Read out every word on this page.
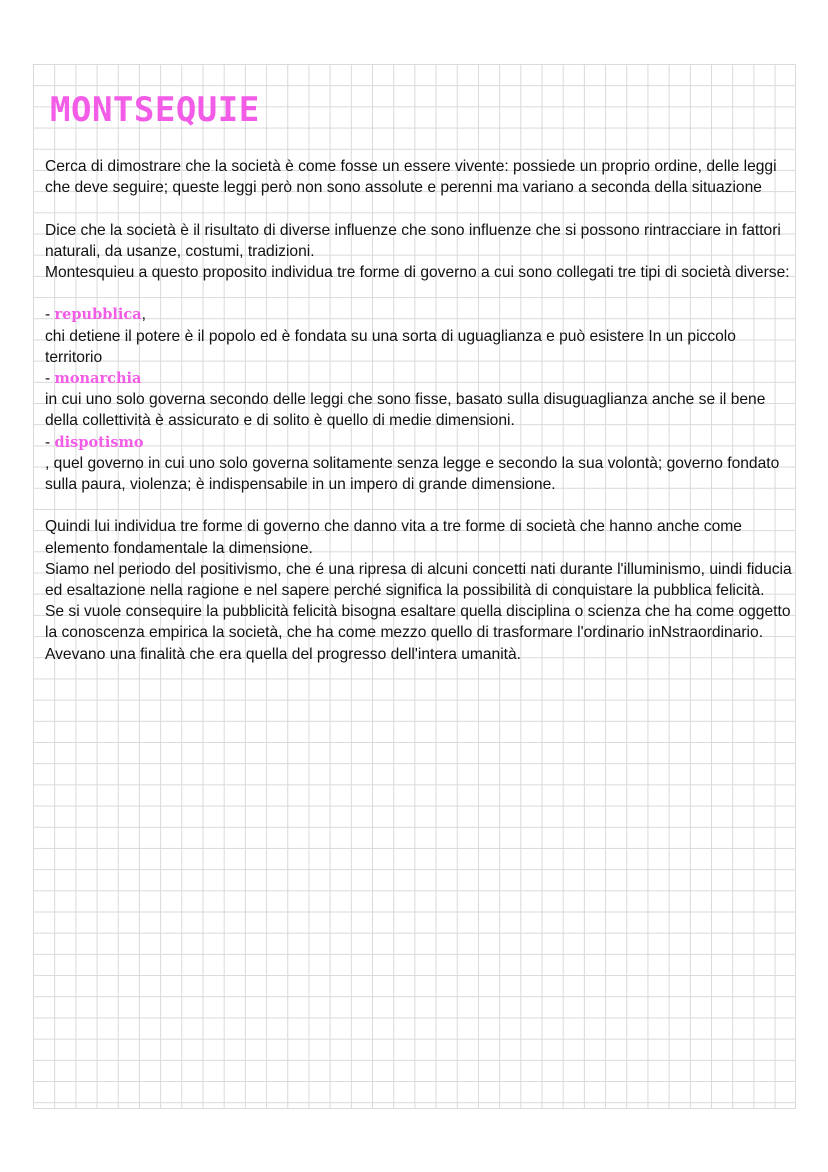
MONTSEQUIE

Cerca di dimostrare che la società è come fosse un essere vivente: possiede un proprio ordine, delle leggi che deve seguire; queste leggi però non sono assolute e perenni ma variano a seconda della situazione

Dice che la società è il risultato di diverse influenze che sono influenze che si possono rintracciare in fattori naturali, da usanze, costumi, tradizioni.

Montesquieu a questo proposito individua tre forme di governo a cui sono collegati tre tipi di società diverse:

- repubblica,

chi detiene il potere è il popolo ed è fondata su una sorta di uguaglianza e può esistere In un piccolo territorio

- monarchia

in cui uno solo governa secondo delle leggi che sono fisse, basato sulla disuguaglianza anche se il bene della collettività è assicurato e di solito è quello di medie dimensioni.

- dispotismo

, quel governo in cui uno solo governa solitamente senza legge e secondo la sua volontà; governo fondato sulla paura, violenza; è indispensabile in un impero di grande dimensione.

Quindi lui individua tre forme di governo che danno vita a tre forme di società che hanno anche come elemento fondamentale la dimensione.

Siamo nel periodo del positivismo, che é una ripresa di alcuni concetti nati durante l'illuminismo, uindi fiducia ed esaltazione nella ragione e nel sapere perché significa la possibilità di conquistare la pubblica felicità.

Se si vuole consequire la pubblicità felicità bisogna esaltare quella disciplina o scienza che ha come oggetto la conoscenza empirica la società, che ha come mezzo quello di trasformare l'ordinario inNstraordinario.

Avevano una finalità che era quella del progresso dell'intera umanità.
